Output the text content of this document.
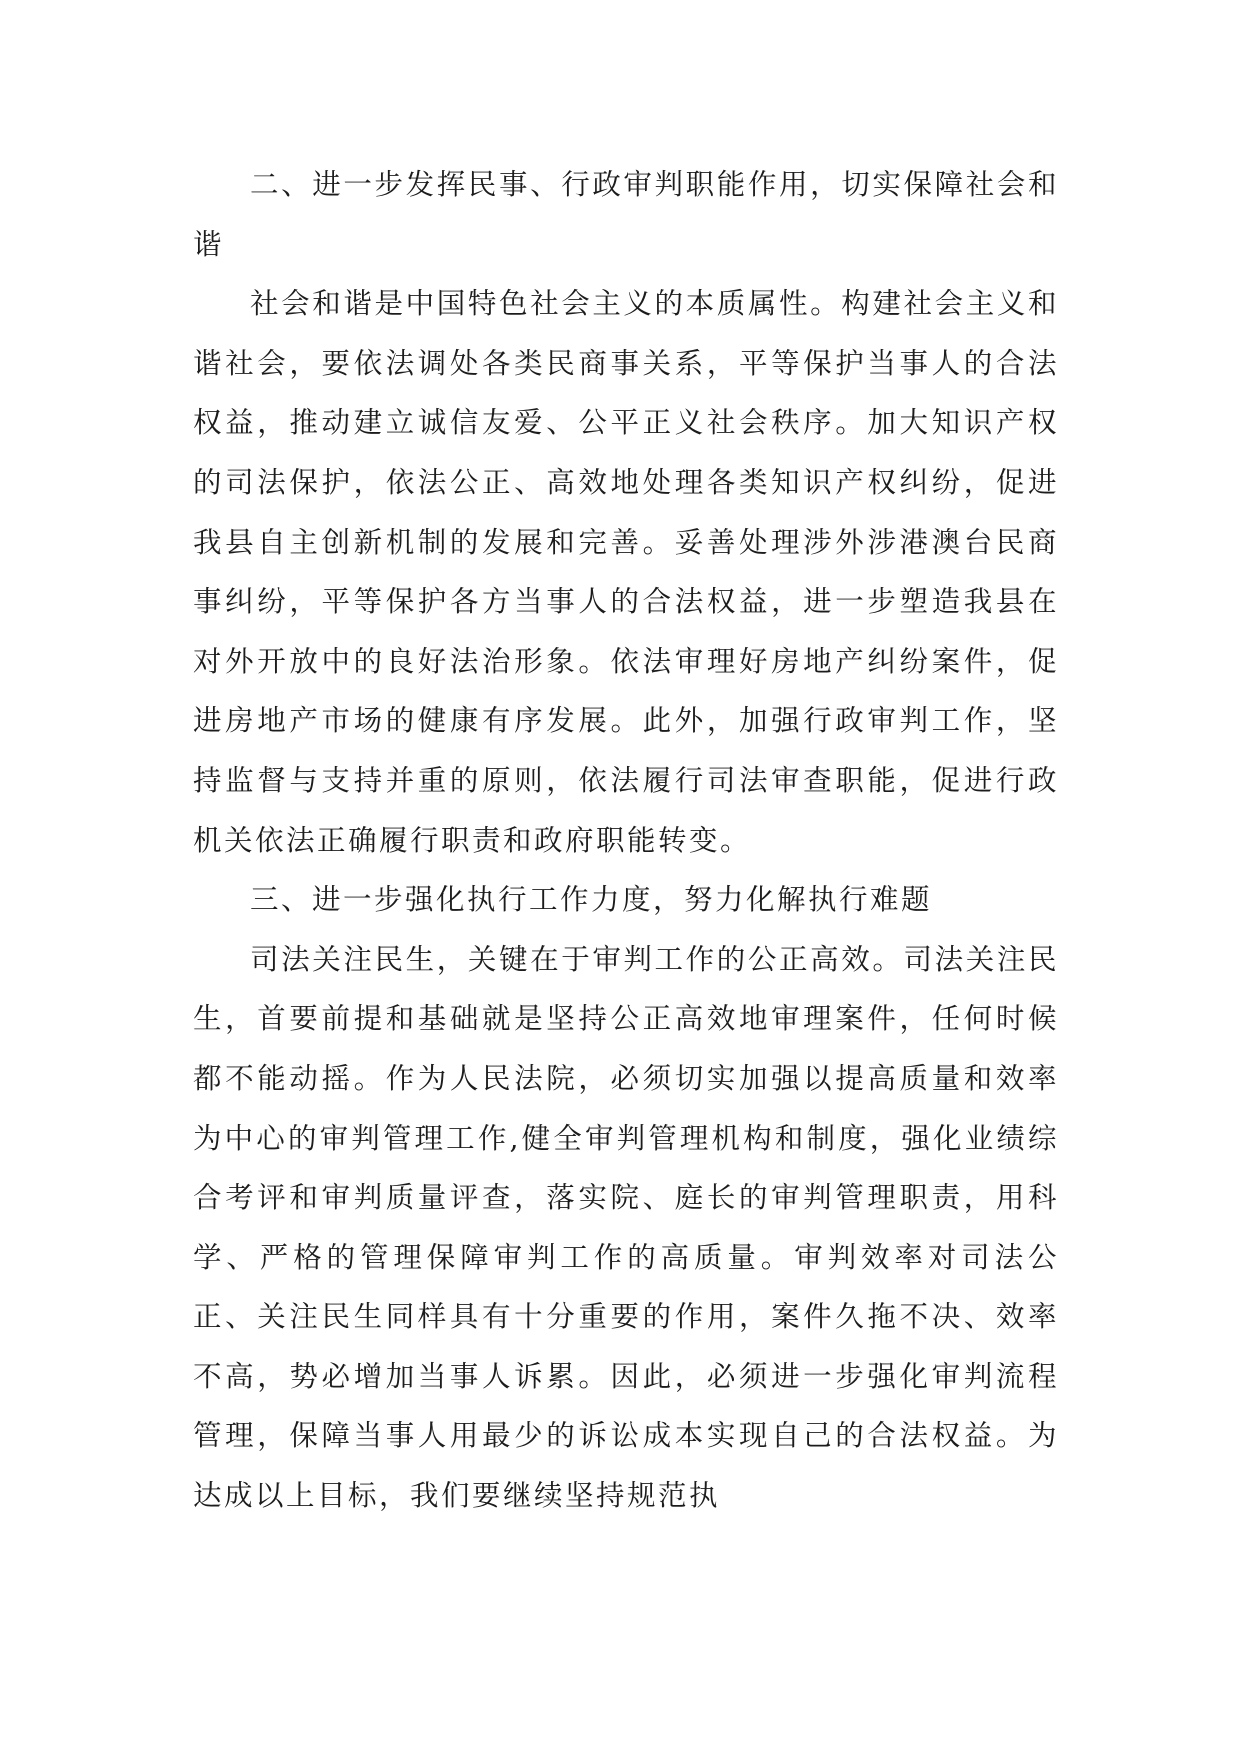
二、进一步发挥民事、行政审判职能作用，切实保障社会和谐

社会和谐是中国特色社会主义的本质属性。构建社会主义和谐社会，要依法调处各类民商事关系，平等保护当事人的合法权益，推动建立诚信友爱、公平正义社会秩序。加大知识产权的司法保护，依法公正、高效地处理各类知识产权纠纷，促进我县自主创新机制的发展和完善。妥善处理涉外涉港澳台民商事纠纷，平等保护各方当事人的合法权益，进一步塑造我县在对外开放中的良好法治形象。依法审理好房地产纠纷案件，促进房地产市场的健康有序发展。此外，加强行政审判工作，坚持监督与支持并重的原则，依法履行司法审查职能，促进行政机关依法正确履行职责和政府职能转变。

三、进一步强化执行工作力度，努力化解执行难题

司法关注民生，关键在于审判工作的公正高效。司法关注民生，首要前提和基础就是坚持公正高效地审理案件，任何时候都不能动摇。作为人民法院，必须切实加强以提高质量和效率为中心的审判管理工作,健全审判管理机构和制度，强化业绩综合考评和审判质量评查，落实院、庭长的审判管理职责，用科学、严格的管理保障审判工作的高质量。审判效率对司法公正、关注民生同样具有十分重要的作用，案件久拖不决、效率不高，势必增加当事人诉累。因此，必须进一步强化审判流程管理，保障当事人用最少的诉讼成本实现自己的合法权益。为达成以上目标，我们要继续坚持规范执
